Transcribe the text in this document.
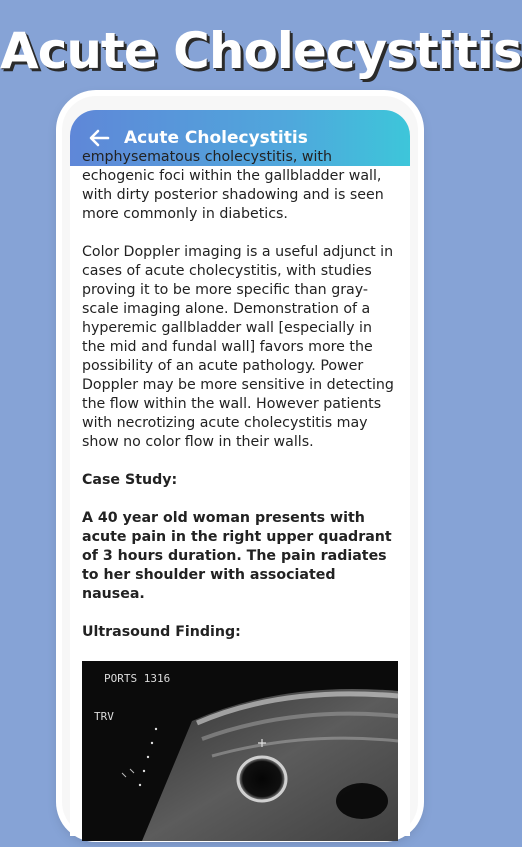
Acute Cholecystitis
Acute Cholecystitis

emphysematous cholecystitis, with

echogenic foci within the gallbladder wall, with dirty posterior shadowing and is seen more commonly in diabetics.

Color Doppler imaging is a useful adjunct in cases of acute cholecystitis, with studies proving it to be more specific than gray-scale imaging alone. Demonstration of a hyperemic gallbladder wall [especially in the mid and fundal wall] favors more the possibility of an acute pathology. Power Doppler may be more sensitive in detecting the flow within the wall. However patients with necrotizing acute cholecystitis may show no color flow in their walls.

Case Study:

A 40 year old woman presents with acute pain in the right upper quadrant of 3 hours duration. The pain radiates to her shoulder with associated nausea.

Ultrasound Finding:

PORTS 1316
TRV
